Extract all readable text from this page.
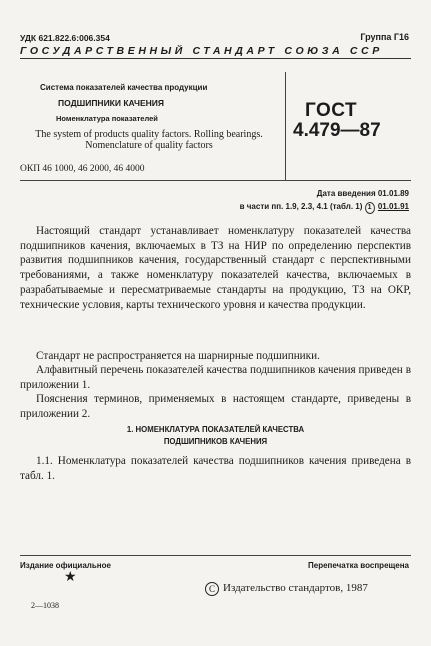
УДК 621.822.6:006.354	Группа Г16
ГОСУДАРСТВЕННЫЙ СТАНДАРТ СОЮЗА ССР
Система показателей качества продукции
ПОДШИПНИКИ КАЧЕНИЯ
Номенклатура показателей
The system of products quality factors. Rolling bearings. Nomenclature of quality factors
ОКП 46 1000, 46 2000, 46 4000
ГОСТ
4.479—87
Дата введения 01.01.89
в части пп. 1.9, 2.3, 4.1 (табл. 1) 1 01.01.91
Настоящий стандарт устанавливает номенклатуру показателей качества подшипников качения, включаемых в ТЗ на НИР по определению перспектив развития подшипников качения, государственный стандарт с перспективными требованиями, а также номенклатуру показателей качества, включаемых в разрабатываемые и пересматриваемые стандарты на продукцию, ТЗ на ОКР, технические условия, карты технического уровня и качества продукции.
Стандарт не распространяется на шарнирные подшипники.
Алфавитный перечень показателей качества подшипников качения приведен в приложении 1.
Пояснения терминов, применяемых в настоящем стандарте, приведены в приложении 2.
1. НОМЕНКЛАТУРА ПОКАЗАТЕЛЕЙ КАЧЕСТВА
ПОДШИПНИКОВ КАЧЕНИЯ
1.1. Номенклатура показателей качества подшипников качения приведена в табл. 1.
Издание официальное	Перепечатка воспрещена
★
C Издательство стандартов, 1987
2—1038
